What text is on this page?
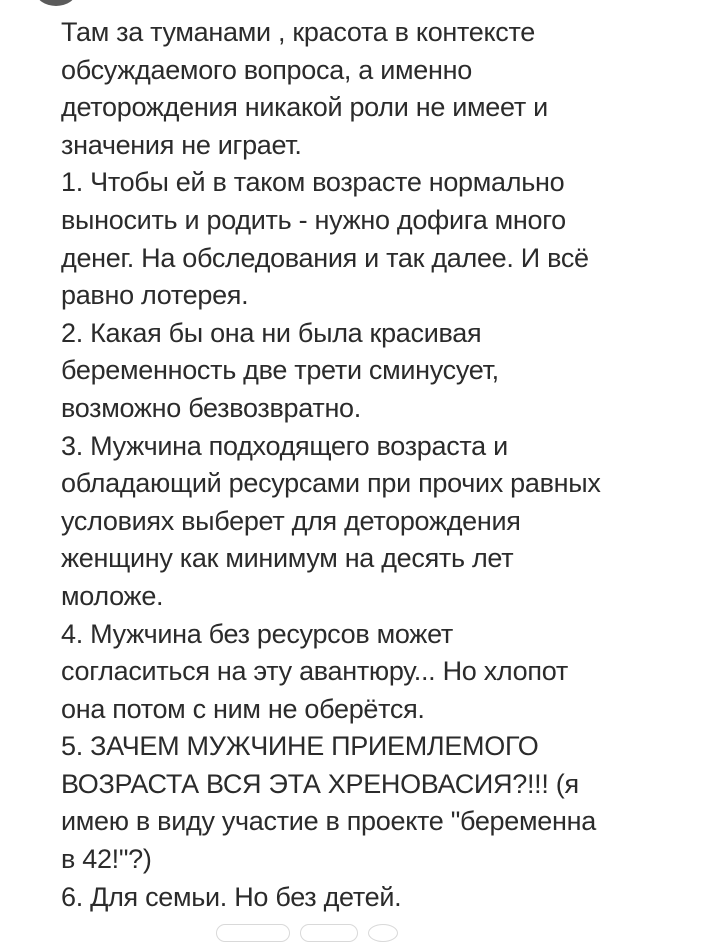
Там за туманами , красота в контексте
обсуждаемого вопроса, а именно
деторождения никакой роли не имеет и
значения не играет.
1. Чтобы ей в таком возрасте нормально
выносить и родить - нужно дофига много
денег. На обследования и так далее. И всё
равно лотерея.
2. Какая бы она ни была красивая
беременность две трети сминусует,
возможно безвозвратно.
3. Мужчина подходящего возраста и
обладающий ресурсами при прочих равных
условиях выберет для деторождения
женщину как минимум на десять лет
моложе.
4. Мужчина без ресурсов может
согласиться на эту авантюру... Но хлопот
она потом с ним не оберётся.
5. ЗАЧЕМ МУЖЧИНЕ ПРИЕМЛЕМОГО
ВОЗРАСТА ВСЯ ЭТА ХРЕНОВАСИЯ?!!! (я
имею в виду участие в проекте "беременна
в 42!"?)
6. Для семьи. Но без детей.
